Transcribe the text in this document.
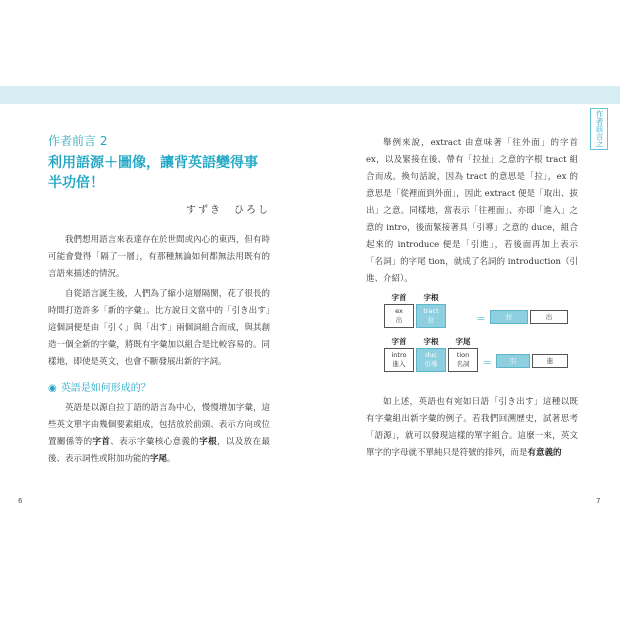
作者前言之
作者前言 2
利用語源＋圖像，讓背英語變得事
半功倍！
すずき　ひろし

我們想用語言來表達存在於世間或內心的東西，但有時可能會覺得「隔了一層」，有那種無論如何都無法用既有的言語來描述的情況。

自從語言誕生後，人們為了縮小這層隔閡，花了很長的時間打造許多「新的字彙」。比方說日文當中的「引き出す」這個詞便是由「引く」與「出す」兩個詞組合而成，與其創造一個全新的字彙，將既有字彙加以組合是比較容易的。同樣地，即使是英文，也會不斷發展出新的字詞。

◉ 英語是如何形成的？

英語是以源自拉丁語的語言為中心，慢慢增加字彙，這些英文單字由幾個要素組成，包括放於前頭、表示方向或位置關係等的字首、表示字彙核心意義的字根，以及放在最後、表示詞性或附加功能的字尾。

6

舉例來說，extract 由意味著「往外面」的字首 ex，以及緊接在後、帶有「拉扯」之意的字根 tract 組合而成。換句話說，因為 tract 的意思是「拉」，ex 的意思是「從裡面到外面」，因此 extract 便是「取出、拔出」之意。同樣地，當表示「往裡面」、亦即「進入」之意的 intro，後面緊接著具「引導」之意的 duce，組合起來的 introduce 便是「引進」，若後面再加上表示「名詞」的字尾 tion，就成了名詞的 introduction（引進、介紹）。

字首	字根
ex
出
tract
拉	＝	拉	出
字首	字根	字尾
intro
進入
duc
引導
tion
名詞	＝	引	進

如上述，英語也有宛如日語「引き出す」這種以既有字彙組出新字彙的例子。若我們回溯歷史，試著思考「語源」，就可以發現這樣的單字組合。這麼一來，英文單字的字母就不單純只是符號的排列，而是有意義的

7
